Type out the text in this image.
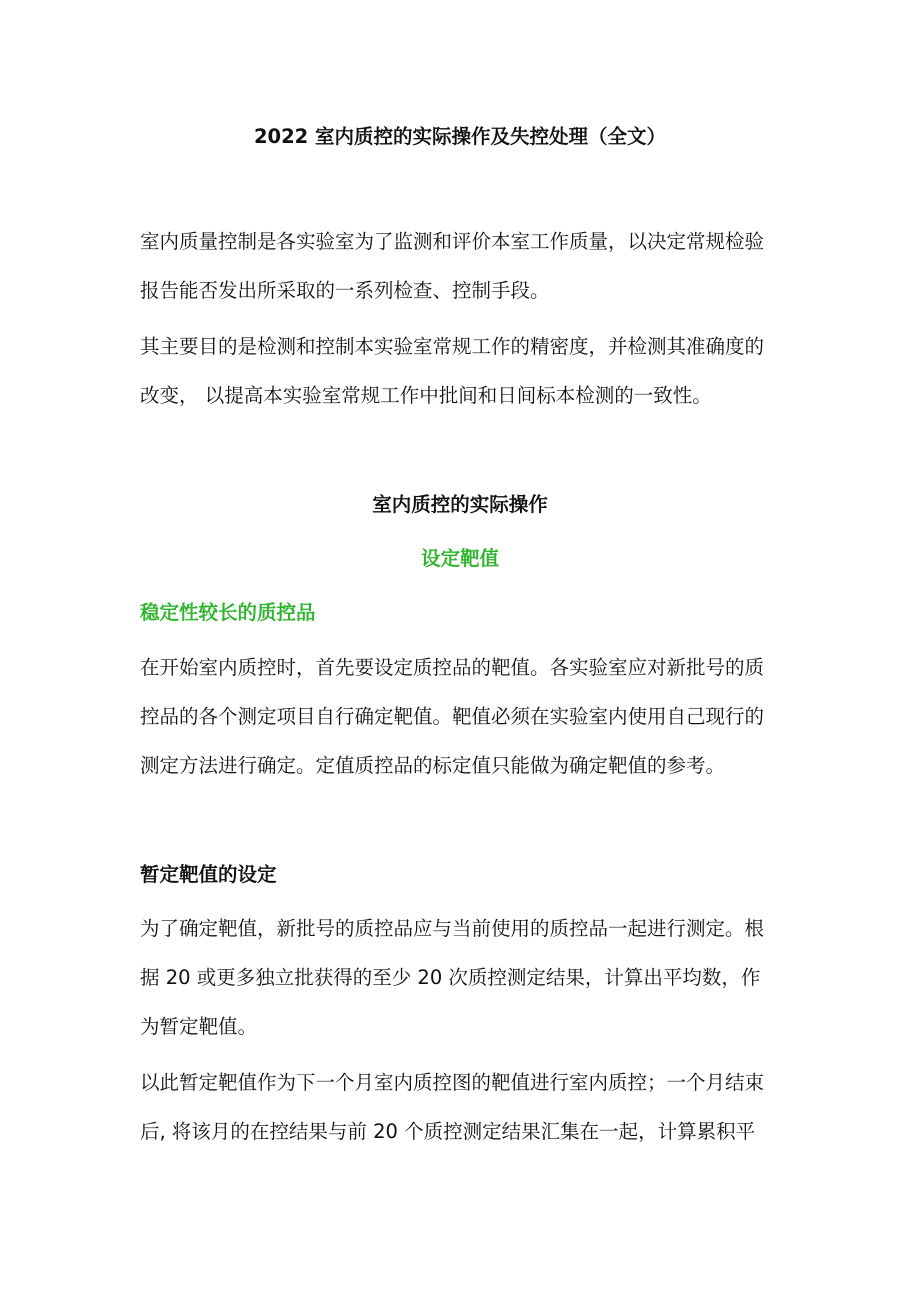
2022 室内质控的实际操作及失控处理（全文）
室内质量控制是各实验室为了监测和评价本室工作质量，以决定常规检验
报告能否发出所采取的一系列检查、控制手段。
其主要目的是检测和控制本实验室常规工作的精密度，并检测其准确度的
改变， 以提高本实验室常规工作中批间和日间标本检测的一致性。
室内质控的实际操作
设定靶值
稳定性较长的质控品
在开始室内质控时，首先要设定质控品的靶值。各实验室应对新批号的质
控品的各个测定项目自行确定靶值。靶值必须在实验室内使用自己现行的
测定方法进行确定。定值质控品的标定值只能做为确定靶值的参考。
暂定靶值的设定
为了确定靶值，新批号的质控品应与当前使用的质控品一起进行测定。根
据 20 或更多独立批获得的至少 20 次质控测定结果，计算出平均数，作
为暂定靶值。
以此暂定靶值作为下一个月室内质控图的靶值进行室内质控；一个月结束
后, 将该月的在控结果与前 20 个质控测定结果汇集在一起，计算累积平
